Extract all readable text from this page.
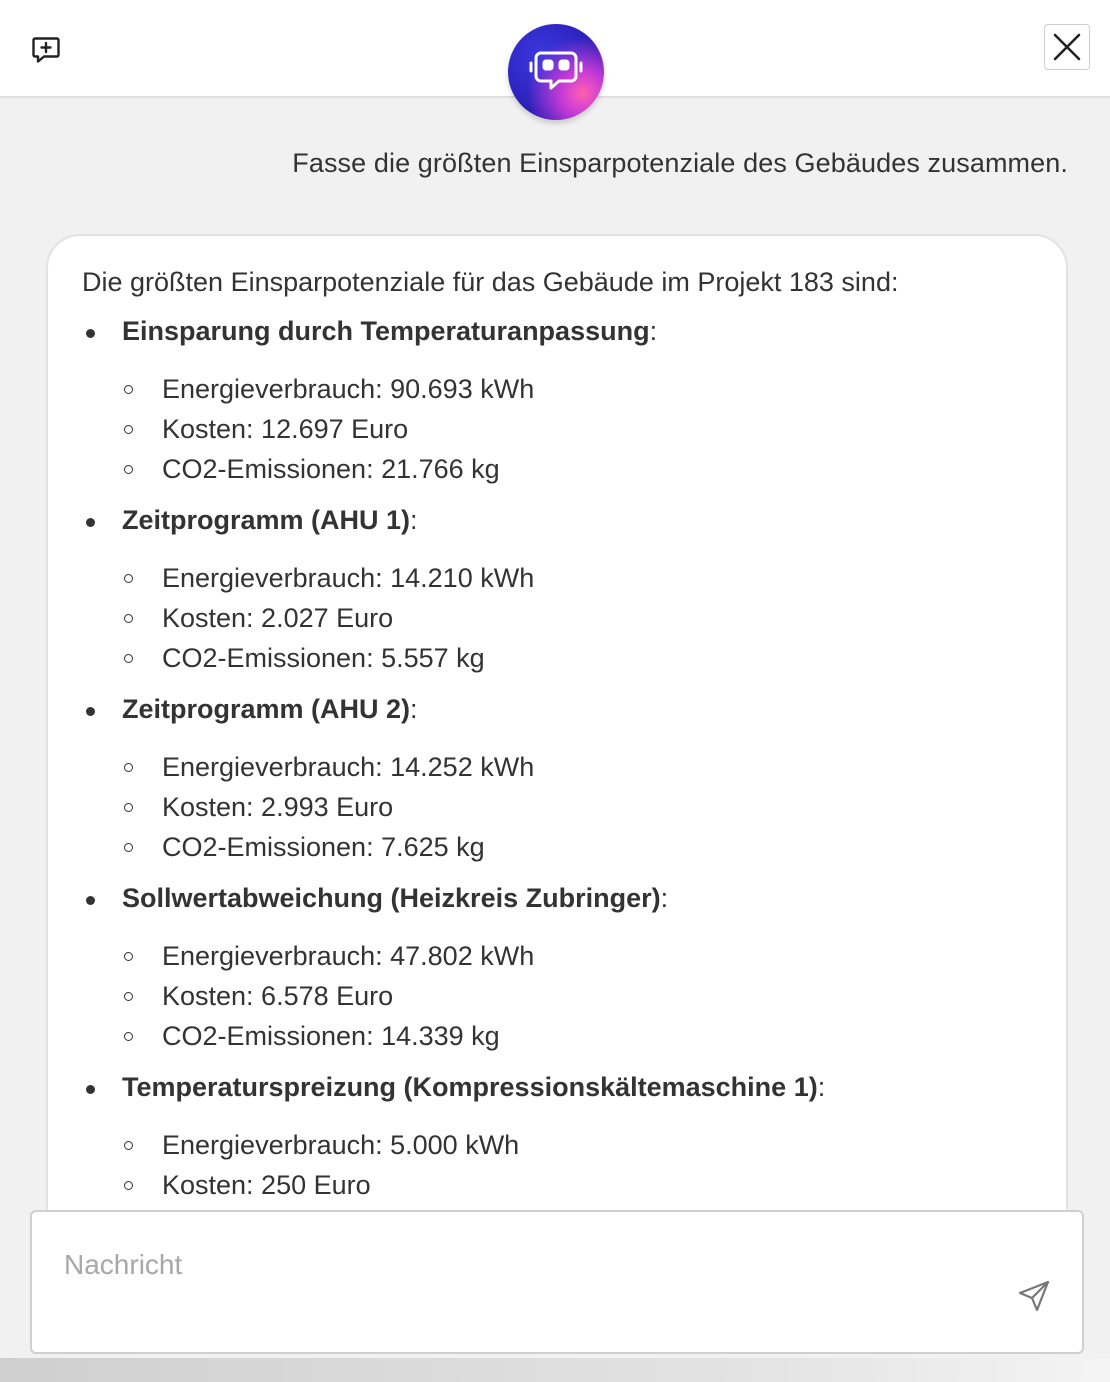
Fasse die größten Einsparpotenziale des Gebäudes zusammen.

Die größten Einsparpotenziale für das Gebäude im Projekt 183 sind:

Einsparung durch Temperaturanpassung:
Energieverbrauch: 90.693 kWh
Kosten: 12.697 Euro
CO2-Emissionen: 21.766 kg
Zeitprogramm (AHU 1):
Energieverbrauch: 14.210 kWh
Kosten: 2.027 Euro
CO2-Emissionen: 5.557 kg
Zeitprogramm (AHU 2):
Energieverbrauch: 14.252 kWh
Kosten: 2.993 Euro
CO2-Emissionen: 7.625 kg
Sollwertabweichung (Heizkreis Zubringer):
Energieverbrauch: 47.802 kWh
Kosten: 6.578 Euro
CO2-Emissionen: 14.339 kg
Temperaturspreizung (Kompressionskältemaschine 1):
Energieverbrauch: 5.000 kWh
Kosten: 250 Euro
Nachricht
